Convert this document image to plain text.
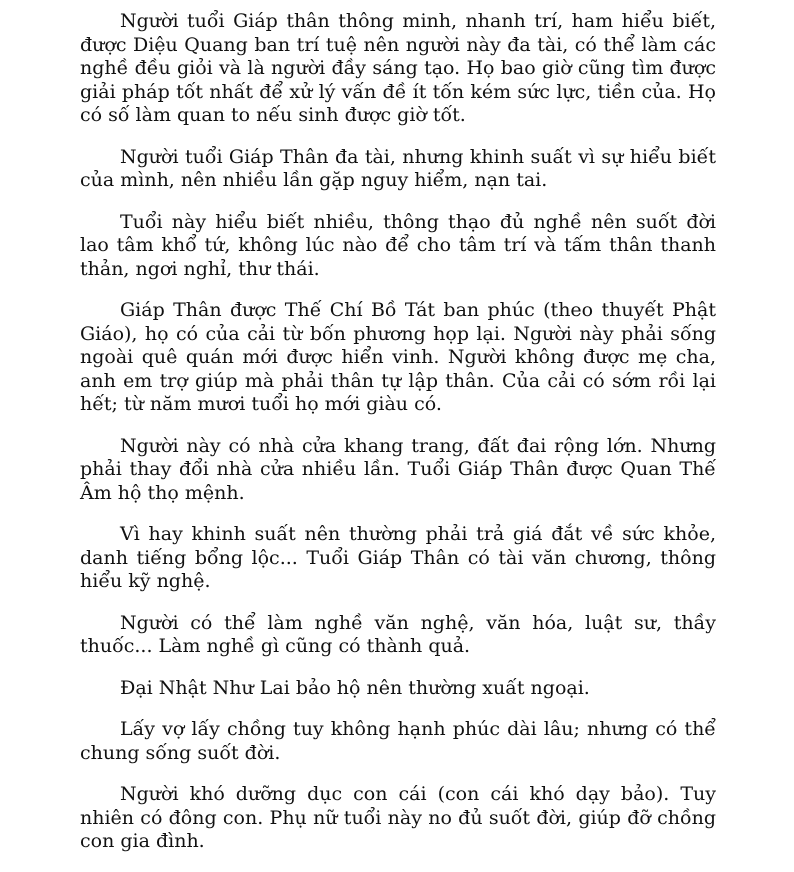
Người tuổi Giáp thân thông minh, nhanh trí, ham hiểu biết, được Diệu Quang ban trí tuệ nên người này đa tài, có thể làm các nghề đều giỏi và là người đầy sáng tạo. Họ bao giờ cũng tìm được giải pháp tốt nhất để xử lý vấn đề ít tốn kém sức lực, tiền của. Họ có số làm quan to nếu sinh được giờ tốt.

Người tuổi Giáp Thân đa tài, nhưng khinh suất vì sự hiểu biết của mình, nên nhiều lần gặp nguy hiểm, nạn tai.

Tuổi này hiểu biết nhiều, thông thạo đủ nghề nên suốt đời lao tâm khổ tứ, không lúc nào để cho tâm trí và tấm thân thanh thản, ngơi nghỉ, thư thái.

Giáp Thân được Thế Chí Bồ Tát ban phúc (theo thuyết Phật Giáo), họ có của cải từ bốn phương họp lại. Người này phải sống ngoài quê quán mới được hiển vinh. Người không được mẹ cha, anh em trợ giúp mà phải thân tự lập thân. Của cải có sớm rồi lại hết; từ năm mươi tuổi họ mới giàu có.

Người này có nhà cửa khang trang, đất đai rộng lớn. Nhưng phải thay đổi nhà cửa nhiều lần. Tuổi Giáp Thân được Quan Thế Âm hộ thọ mệnh.

Vì hay khinh suất nên thường phải trả giá đắt về sức khỏe, danh tiếng bổng lộc... Tuổi Giáp Thân có tài văn chương, thông hiểu kỹ nghệ.

Người có thể làm nghề văn nghệ, văn hóa, luật sư, thầy thuốc... Làm nghề gì cũng có thành quả.

Đại Nhật Như Lai bảo hộ nên thường xuất ngoại.

Lấy vợ lấy chồng tuy không hạnh phúc dài lâu; nhưng có thể chung sống suốt đời.

Người khó dưỡng dục con cái (con cái khó dạy bảo). Tuy nhiên có đông con. Phụ nữ tuổi này no đủ suốt đời, giúp đỡ chồng con gia đình.
